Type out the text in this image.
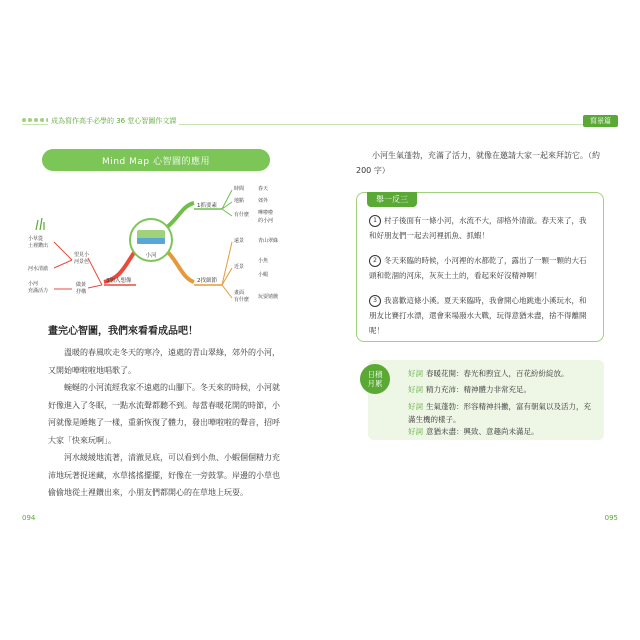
成為寫作高手必學的 36 堂心智圖作文課	寫景篇
Mind Map 心智圖的應用
小河
1抓要素
時間	春天
地點	郊外
有什麼 嘩啦啦
的小河
2找細節
遠景	青山翠綠
近景
小魚
小蝦
畫面
有什麼 玩耍嬉戲
3加入想像
望見小
河景色
小草從
土裡鑽出
河水清澈
做黃
抒構
小河
充滿活力
畫完心智圖，我們來看看成品吧！

溫暖的春風吹走冬天的寒冷，遠處的青山翠綠，郊外的小河，又開始嘩啦啦地唱歌了。

蜿蜒的小河流經我家不遠處的山腳下。冬天來的時候，小河就好像進入了冬眠，一點水流聲都聽不到。每當春暖花開的時節，小河就像是睡飽了一樣，重新恢復了體力，發出嘩啦啦的聲音，招呼大家「快來玩啊」。

河水緩緩地流著，清澈見底，可以看到小魚、小蝦個個精力充沛地玩著捉迷藏，水草搖搖擺擺，好像在一旁鼓掌。岸邊的小草也偷偷地從土裡鑽出來，小朋友們都開心的在草地上玩耍。

094

小河生氣蓬勃，充滿了活力，就像在邀請大家一起來拜訪它。（約 200 字）

舉一反三
1 村子後面有一條小河，水流不大，卻格外清澈。春天來了，我和好朋友們一起去河裡抓魚、抓蝦！
2 冬天來臨的時候，小河裡的水都乾了，露出了一顆一顆的大石頭和乾涸的河床，灰灰土土的，看起來好沒精神啊！
3 我喜歡這條小溪。夏天來臨時，我會開心地跳進小溪玩水，和朋友比賽打水漂，還會來場潑水大戰，玩得意猶未盡，捨不得離開呢！
日積
月累
好詞 春暖花開：春光和煦宜人，百花紛紛綻放。
好詞 精力充沛：精神體力非常充足。
好詞 生氣蓬勃：形容精神抖擻，富有朝氣以及活力，充滿生機的樣子。
好詞 意猶未盡：興致、意趣尚未滿足。
095
